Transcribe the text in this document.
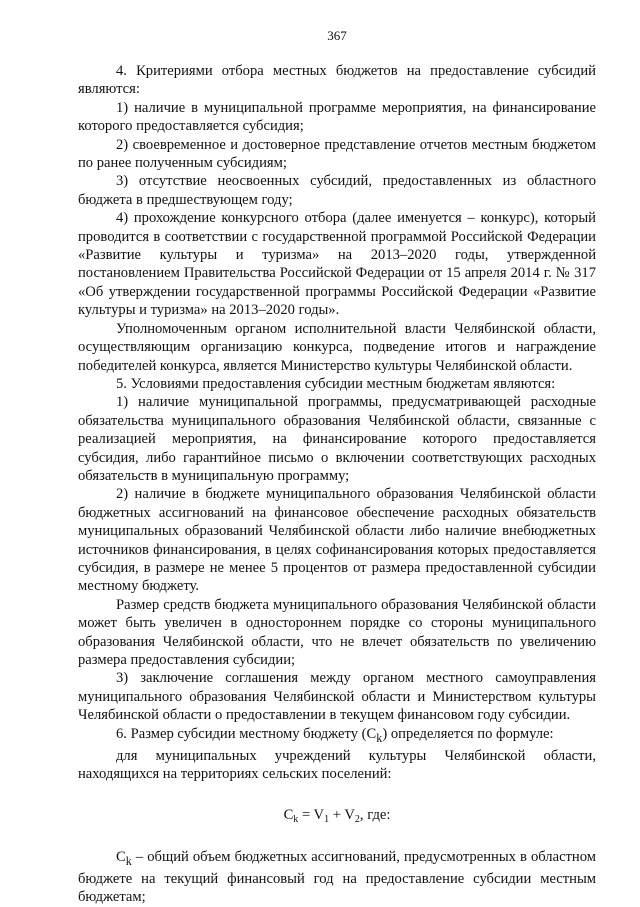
367

4. Критериями отбора местных бюджетов на предоставление субсидий являются:

1) наличие в муниципальной программе мероприятия, на финансирование которого предоставляется субсидия;

2) своевременное и достоверное представление отчетов местным бюджетом по ранее полученным субсидиям;

3) отсутствие неосвоенных субсидий, предоставленных из областного бюджета в предшествующем году;

4) прохождение конкурсного отбора (далее именуется – конкурс), который проводится в соответствии с государственной программой Российской Федерации «Развитие культуры и туризма» на 2013–2020 годы, утвержденной постановлением Правительства Российской Федерации от 15 апреля 2014 г. № 317 «Об утверждении государственной программы Российской Федерации «Развитие культуры и туризма» на 2013–2020 годы».

Уполномоченным органом исполнительной власти Челябинской области, осуществляющим организацию конкурса, подведение итогов и награждение победителей конкурса, является Министерство культуры Челябинской области.

5. Условиями предоставления субсидии местным бюджетам являются:

1) наличие муниципальной программы, предусматривающей расходные обязательства муниципального образования Челябинской области, связанные с реализацией мероприятия, на финансирование которого предоставляется субсидия, либо гарантийное письмо о включении соответствующих расходных обязательств в муниципальную программу;

2) наличие в бюджете муниципального образования Челябинской области бюджетных ассигнований на финансовое обеспечение расходных обязательств муниципальных образований Челябинской области либо наличие внебюджетных источников финансирования, в целях софинансирования которых предоставляется субсидия, в размере не менее 5 процентов от размера предоставленной субсидии местному бюджету.

Размер средств бюджета муниципального образования Челябинской области может быть увеличен в одностороннем порядке со стороны муниципального образования Челябинской области, что не влечет обязательств по увеличению размера предоставления субсидии;

3) заключение соглашения между органом местного самоуправления муниципального образования Челябинской области и Министерством культуры Челябинской области о предоставлении в текущем финансовом году субсидии.

6. Размер субсидии местному бюджету $(C_k)$ определяется по формуле:

для муниципальных учреждений культуры Челябинской области, находящихся на территориях сельских поселений:

$C_k = V_1 + V_2$, где:

$C_k$ – общий объем бюджетных ассигнований, предусмотренных в областном бюджете на текущий финансовый год на предоставление субсидии местным бюджетам;
